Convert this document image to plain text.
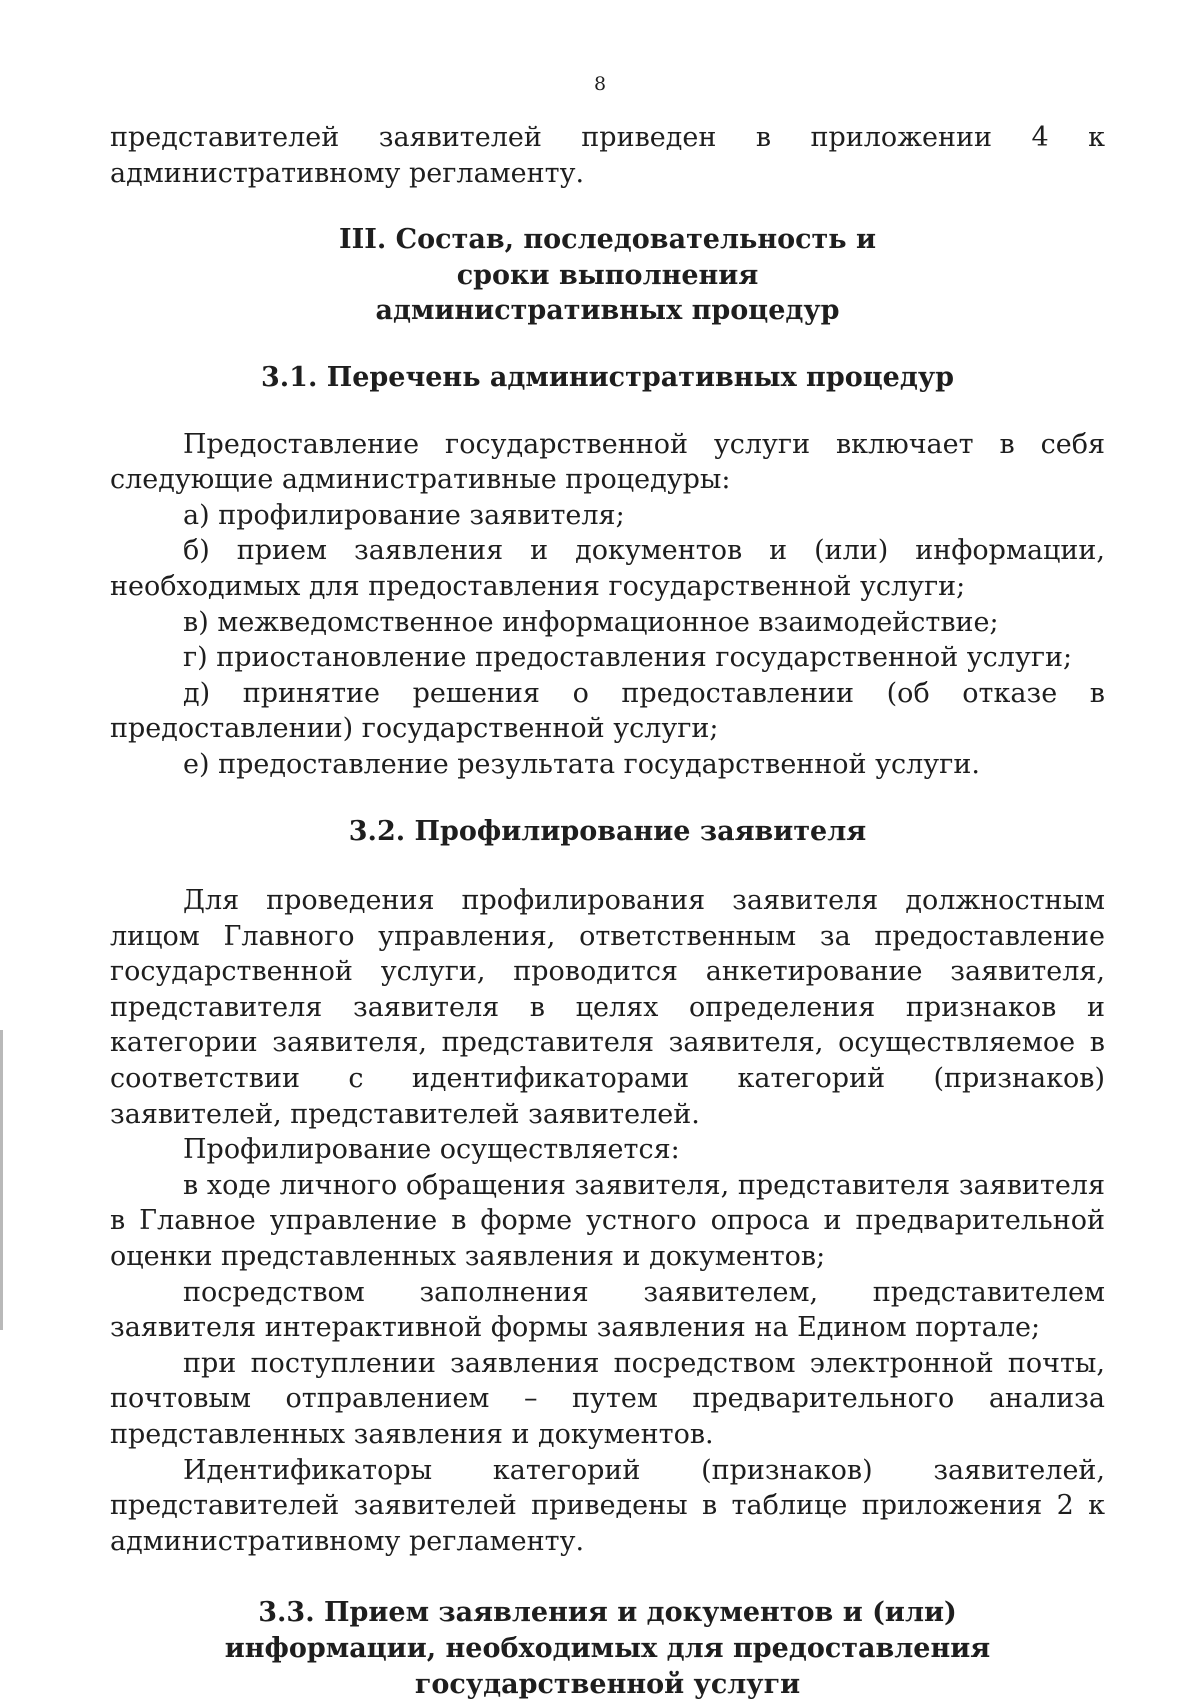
8

представителей заявителей приведен в приложении 4 к административному регламенту.

III. Состав, последовательность и сроки выполнения административных процедур

3.1. Перечень административных процедур

Предоставление государственной услуги включает в себя следующие административные процедуры:

а) профилирование заявителя;

б) прием заявления и документов и (или) информации, необходимых для предоставления государственной услуги;

в) межведомственное информационное взаимодействие;

г) приостановление предоставления государственной услуги;

д) принятие решения о предоставлении (об отказе в предоставлении) государственной услуги;

е) предоставление результата государственной услуги.

3.2. Профилирование заявителя

Для проведения профилирования заявителя должностным лицом Главного управления, ответственным за предоставление государственной услуги, проводится анкетирование заявителя, представителя заявителя в целях определения признаков и категории заявителя, представителя заявителя, осуществляемое в соответствии с идентификаторами категорий (признаков) заявителей, представителей заявителей.

Профилирование осуществляется:

в ходе личного обращения заявителя, представителя заявителя в Главное управление в форме устного опроса и предварительной оценки представленных заявления и документов;

посредством заполнения заявителем, представителем заявителя интерактивной формы заявления на Едином портале;

при поступлении заявления посредством электронной почты, почтовым отправлением – путем предварительного анализа представленных заявления и документов.

Идентификаторы категорий (признаков) заявителей, представителей заявителей приведены в таблице приложения 2 к административному регламенту.

3.3. Прием заявления и документов и (или) информации, необходимых для предоставления государственной услуги
